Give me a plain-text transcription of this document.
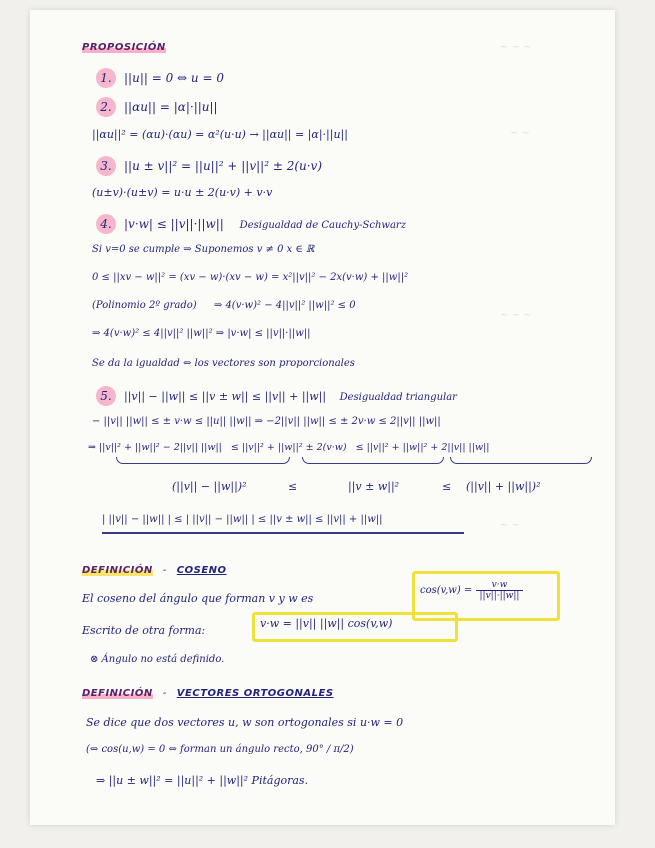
~ ~ ~
~ ~
~ ~ ~
~ ~
PROPOSICIÓN
1. ||u|| = 0 ⇔ u = 0
2. ||αu|| = |α|·||u||
||αu||² = (αu)·(αu) = α²(u·u) → ||αu|| = |α|·||u||
3. ||u ± v||² = ||u||² + ||v||² ± 2(u·v)
(u±v)·(u±v) = u·u ± 2(u·v) + v·v
4. |v·w| ≤ ||v||·||w|| Desigualdad de Cauchy-Schwarz
Si v=0 se cumple ⇒ Suponemos v ≠ 0 x ∈ ℝ
0 ≤ ||xv − w||² = (xv − w)·(xv − w) = x²||v||² − 2x(v·w) + ||w||²
(Polinomio 2º grado) ⇒ 4(v·w)² − 4||v||² ||w||² ≤ 0
⇒ 4(v·w)² ≤ 4||v||² ||w||² ⇒ |v·w| ≤ ||v||·||w||
Se da la igualdad ⇔ los vectores son proporcionales
5. ||v|| − ||w|| ≤ ||v ± w|| ≤ ||v|| + ||w|| Desigualdad triangular
− ||v|| ||w|| ≤ ± v·w ≤ ||u|| ||w|| ⇒ −2||v|| ||w|| ≤ ± 2v·w ≤ 2||v|| ||w||
⇒ ||v||² + ||w||² − 2||v|| ||w|| ≤ ||v||² + ||w||² ± 2(v·w) ≤ ||v||² + ||w||² + 2||v|| ||w||
(||v|| − ||w||)²	≤	||v ± w||²	≤ (||v|| + ||w||)²
| ||v|| − ||w|| | ≤ | ||v|| − ||w|| | ≤ ||v ± w|| ≤ ||v|| + ||w||
DEFINICIÓN - COSENO
El coseno del ángulo que forman v y w es
$\cos(v,w) = \frac{v\cdot w}{||v||\cdot||w||}$
Escrito de otra forma:
v·w = ||v|| ||w|| cos(v,w)
⊗ Ángulo no está definido.
DEFINICIÓN - VECTORES ORTOGONALES
Se dice que dos vectores u, w son ortogonales si u·w = 0
(⇔ cos(u,w) = 0 ⇔ forman un ángulo recto, 90° / π/2)
⇒ ||u ± w||² = ||u||² + ||w||² Pitágoras.
